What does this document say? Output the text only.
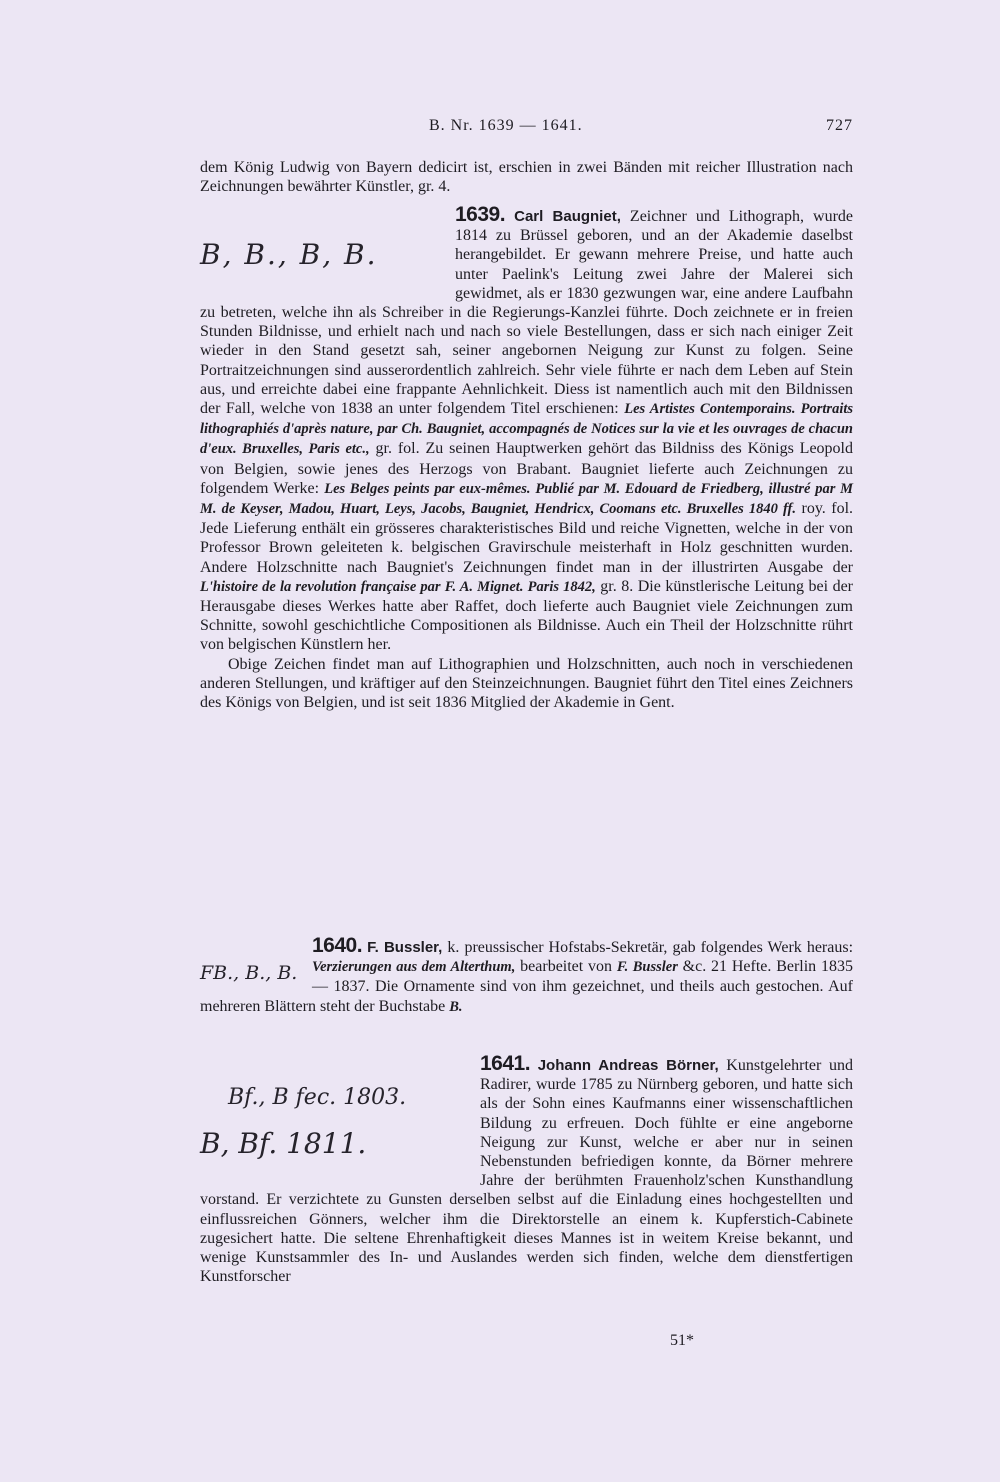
B. Nr. 1639 — 1641.	727

dem König Ludwig von Bayern dedicirt ist, erschien in zwei Bänden mit reicher Illustration nach Zeichnungen bewährter Künstler, gr. 4.

B, B., B, B.

1639. Carl Baugniet, Zeichner und Lithograph, wurde 1814 zu Brüssel geboren, und an der Akademie daselbst herangebildet. Er gewann mehrere Preise, und hatte auch unter Paelink's Leitung zwei Jahre der Malerei sich gewidmet, als er 1830 gezwungen war, eine andere Laufbahn zu betreten, welche ihn als Schreiber in die Regierungs-Kanzlei führte. Doch zeichnete er in freien Stunden Bildnisse, und erhielt nach und nach so viele Bestellungen, dass er sich nach einiger Zeit wieder in den Stand gesetzt sah, seiner angebornen Neigung zur Kunst zu folgen. Seine Portraitzeichnungen sind ausserordentlich zahlreich. Sehr viele führte er nach dem Leben auf Stein aus, und erreichte dabei eine frappante Aehnlichkeit. Diess ist namentlich auch mit den Bildnissen der Fall, welche von 1838 an unter folgendem Titel erschienen: Les Artistes Contemporains. Portraits lithographiés d'après nature, par Ch. Baugniet, accompagnés de Notices sur la vie et les ouvrages de chacun d'eux. Bruxelles, Paris etc., gr. fol. Zu seinen Hauptwerken gehört das Bildniss des Königs Leopold von Belgien, sowie jenes des Herzogs von Brabant. Baugniet lieferte auch Zeichnungen zu folgendem Werke: Les Belges peints par eux-mêmes. Publié par M. Edouard de Friedberg, illustré par M M. de Keyser, Madou, Huart, Leys, Jacobs, Baugniet, Hendricx, Coomans etc. Bruxelles 1840 ff. roy. fol. Jede Lieferung enthält ein grösseres charakteristisches Bild und reiche Vignetten, welche in der von Professor Brown geleiteten k. belgischen Gravirschule meisterhaft in Holz geschnitten wurden. Andere Holzschnitte nach Baugniet's Zeichnungen findet man in der illustrirten Ausgabe der L'histoire de la revolution française par F. A. Mignet. Paris 1842, gr. 8. Die künstlerische Leitung bei der Herausgabe dieses Werkes hatte aber Raffet, doch lieferte auch Baugniet viele Zeichnungen zum Schnitte, sowohl geschichtliche Compositionen als Bildnisse. Auch ein Theil der Holzschnitte rührt von belgischen Künstlern her.

Obige Zeichen findet man auf Lithographien und Holzschnitten, auch noch in verschiedenen anderen Stellungen, und kräftiger auf den Steinzeichnungen. Baugniet führt den Titel eines Zeichners des Königs von Belgien, und ist seit 1836 Mitglied der Akademie in Gent.

FB., B., B.

1640. F. Bussler, k. preussischer Hofstabs-Sekretär, gab folgendes Werk heraus: Verzierungen aus dem Alterthum, bearbeitet von F. Bussler &c. 21 Hefte. Berlin 1835 — 1837. Die Ornamente sind von ihm gezeichnet, und theils auch gestochen. Auf mehreren Blättern steht der Buchstabe B.

Bf., B fec. 1803.
B, Bf. 1811.

1641. Johann Andreas Börner, Kunstgelehrter und Radirer, wurde 1785 zu Nürnberg geboren, und hatte sich als der Sohn eines Kaufmanns einer wissenschaftlichen Bildung zu erfreuen. Doch fühlte er eine angeborne Neigung zur Kunst, welche er aber nur in seinen Nebenstunden befriedigen konnte, da Börner mehrere Jahre der berühmten Frauenholz'schen Kunsthandlung vorstand. Er verzichtete zu Gunsten derselben selbst auf die Einladung eines hochgestellten und einflussreichen Gönners, welcher ihm die Direktorstelle an einem k. Kupferstich-Cabinete zugesichert hatte. Die seltene Ehrenhaftigkeit dieses Mannes ist in weitem Kreise bekannt, und wenige Kunstsammler des In- und Auslandes werden sich finden, welche dem dienstfertigen Kunstforscher

51*
